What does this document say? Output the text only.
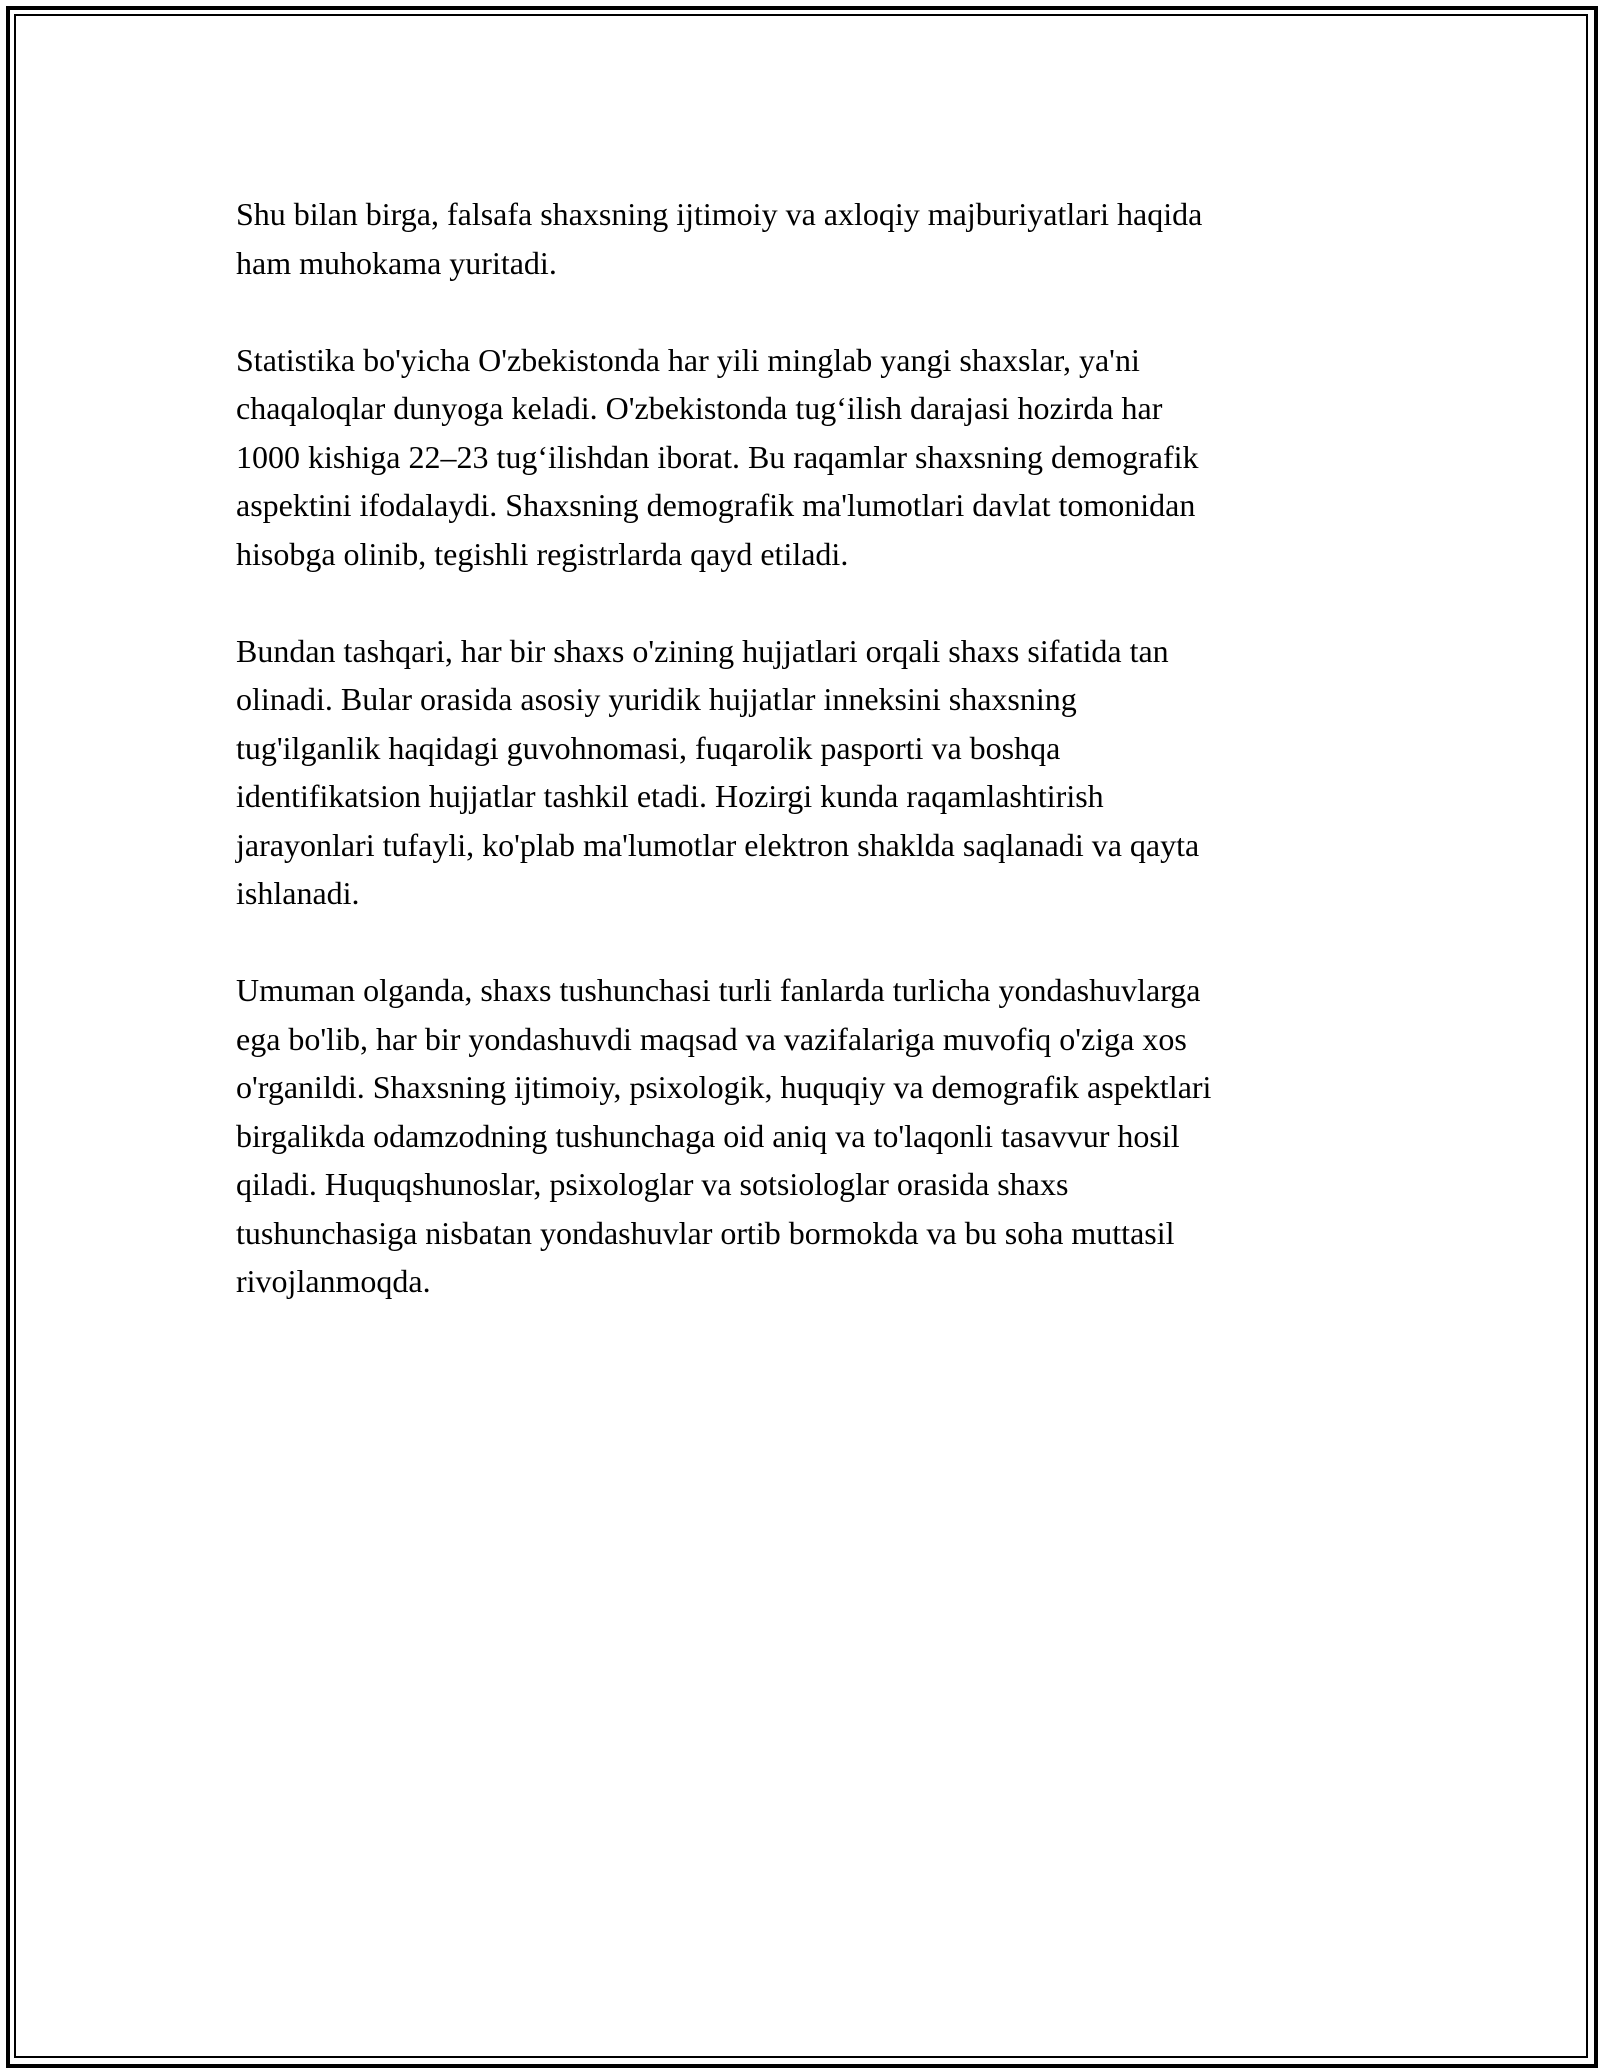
Shu bilan birga, falsafa shaxsning ijtimoiy va axloqiy majburiyatlari haqida
ham muhokama yuritadi.

Statistika bo'yicha O'zbekistonda har yili minglab yangi shaxslar, ya'ni
chaqaloqlar dunyoga keladi. O'zbekistonda tug‘ilish darajasi hozirda har
1000 kishiga 22–23 tug‘ilishdan iborat. Bu raqamlar shaxsning demografik
aspektini ifodalaydi. Shaxsning demografik ma'lumotlari davlat tomonidan
hisobga olinib, tegishli registrlarda qayd etiladi.

Bundan tashqari, har bir shaxs o'zining hujjatlari orqali shaxs sifatida tan
olinadi. Bular orasida asosiy yuridik hujjatlar inneksini shaxsning
tug'ilganlik haqidagi guvohnomasi, fuqarolik pasporti va boshqa
identifikatsion hujjatlar tashkil etadi. Hozirgi kunda raqamlashtirish
jarayonlari tufayli, ko'plab ma'lumotlar elektron shakldа saqlanadi va qayta
ishlanadi.

Umuman olganda, shaxs tushunchasi turli fanlarda turlicha yondashuvlarga
ega bo'lib, har bir yondashuvdi maqsad va vazifalariga muvofiq o'ziga xos
o'rganildi. Shaxsning ijtimoiy, psixologik, huquqiy va demografik aspektlari
birgalikda odamzodning tushunchaga oid aniq va to'laqonli tasavvur hosil
qiladi. Huquqshunoslar, psixologlar va sotsiologlar orasida shaxs
tushunchasiga nisbatan yondashuvlar ortib bormokda va bu soha muttasil
rivojlanmoqda.
